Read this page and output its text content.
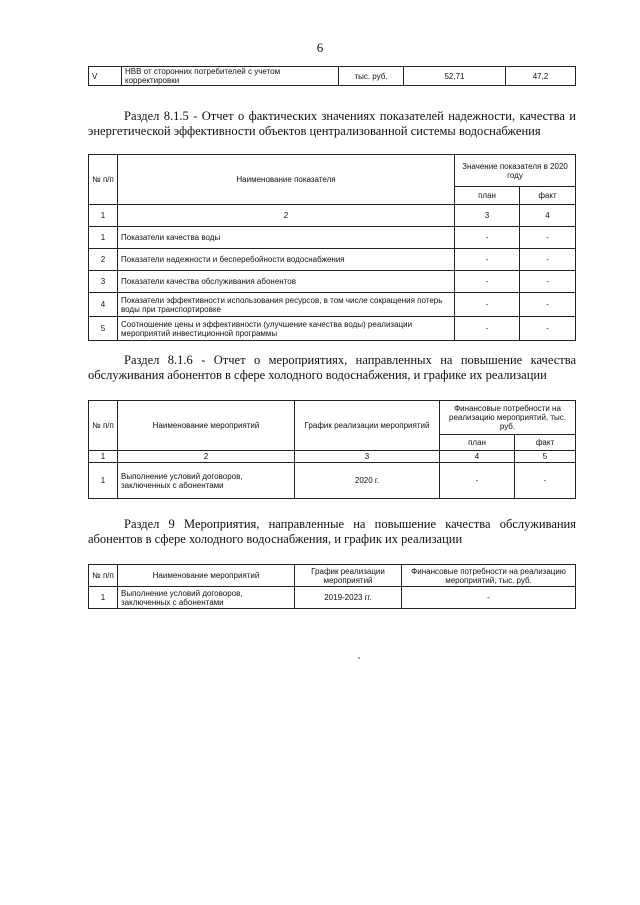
6
V	НВВ от сторонних потребителей с учетом корректировки	тыс. руб.	52,71	47,2
Раздел 8.1.5 - Отчет о фактических значениях показателей надежности, качества и энергетической эффективности объектов централизованной системы водоснабжения
№ п/п	Наименование показателя	Значение показателя в 2020 году	
		план	факт
1	2	3	4
1	Показатели качества воды	-	-
2	Показатели надежности и бесперебойности водоснабжения	-	-
3	Показатели качества обслуживания абонентов	-	-
4	Показатели эффективности использования ресурсов, в том числе сокращения потерь воды при транспортировке	-	-
5	Соотношение цены и эффективности (улучшение качества воды) реализации мероприятий инвестиционной программы	-	-
Раздел 8.1.6 - Отчет о мероприятиях, направленных на повышение качества обслуживания абонентов в сфере холодного водоснабжения, и графике их реализации
№ п/п	Наименование мероприятий	График реализации мероприятий	Финансовые потребности на реализацию мероприятий, тыс. руб.	
			план	факт
1	2	3	4	5
1	Выполнение условий договоров, заключенных с абонентами	2020 г.	-	-
Раздел 9 Мероприятия, направленные на повышение качества обслуживания абонентов в сфере холодного водоснабжения, и график их реализации
№ п/п	Наименование мероприятий	График реализации мероприятий	Финансовые потребности на реализацию мероприятий, тыс. руб.
1	Выполнение условий договоров, заключенных с абонентами	2019-2023 гг.	-
